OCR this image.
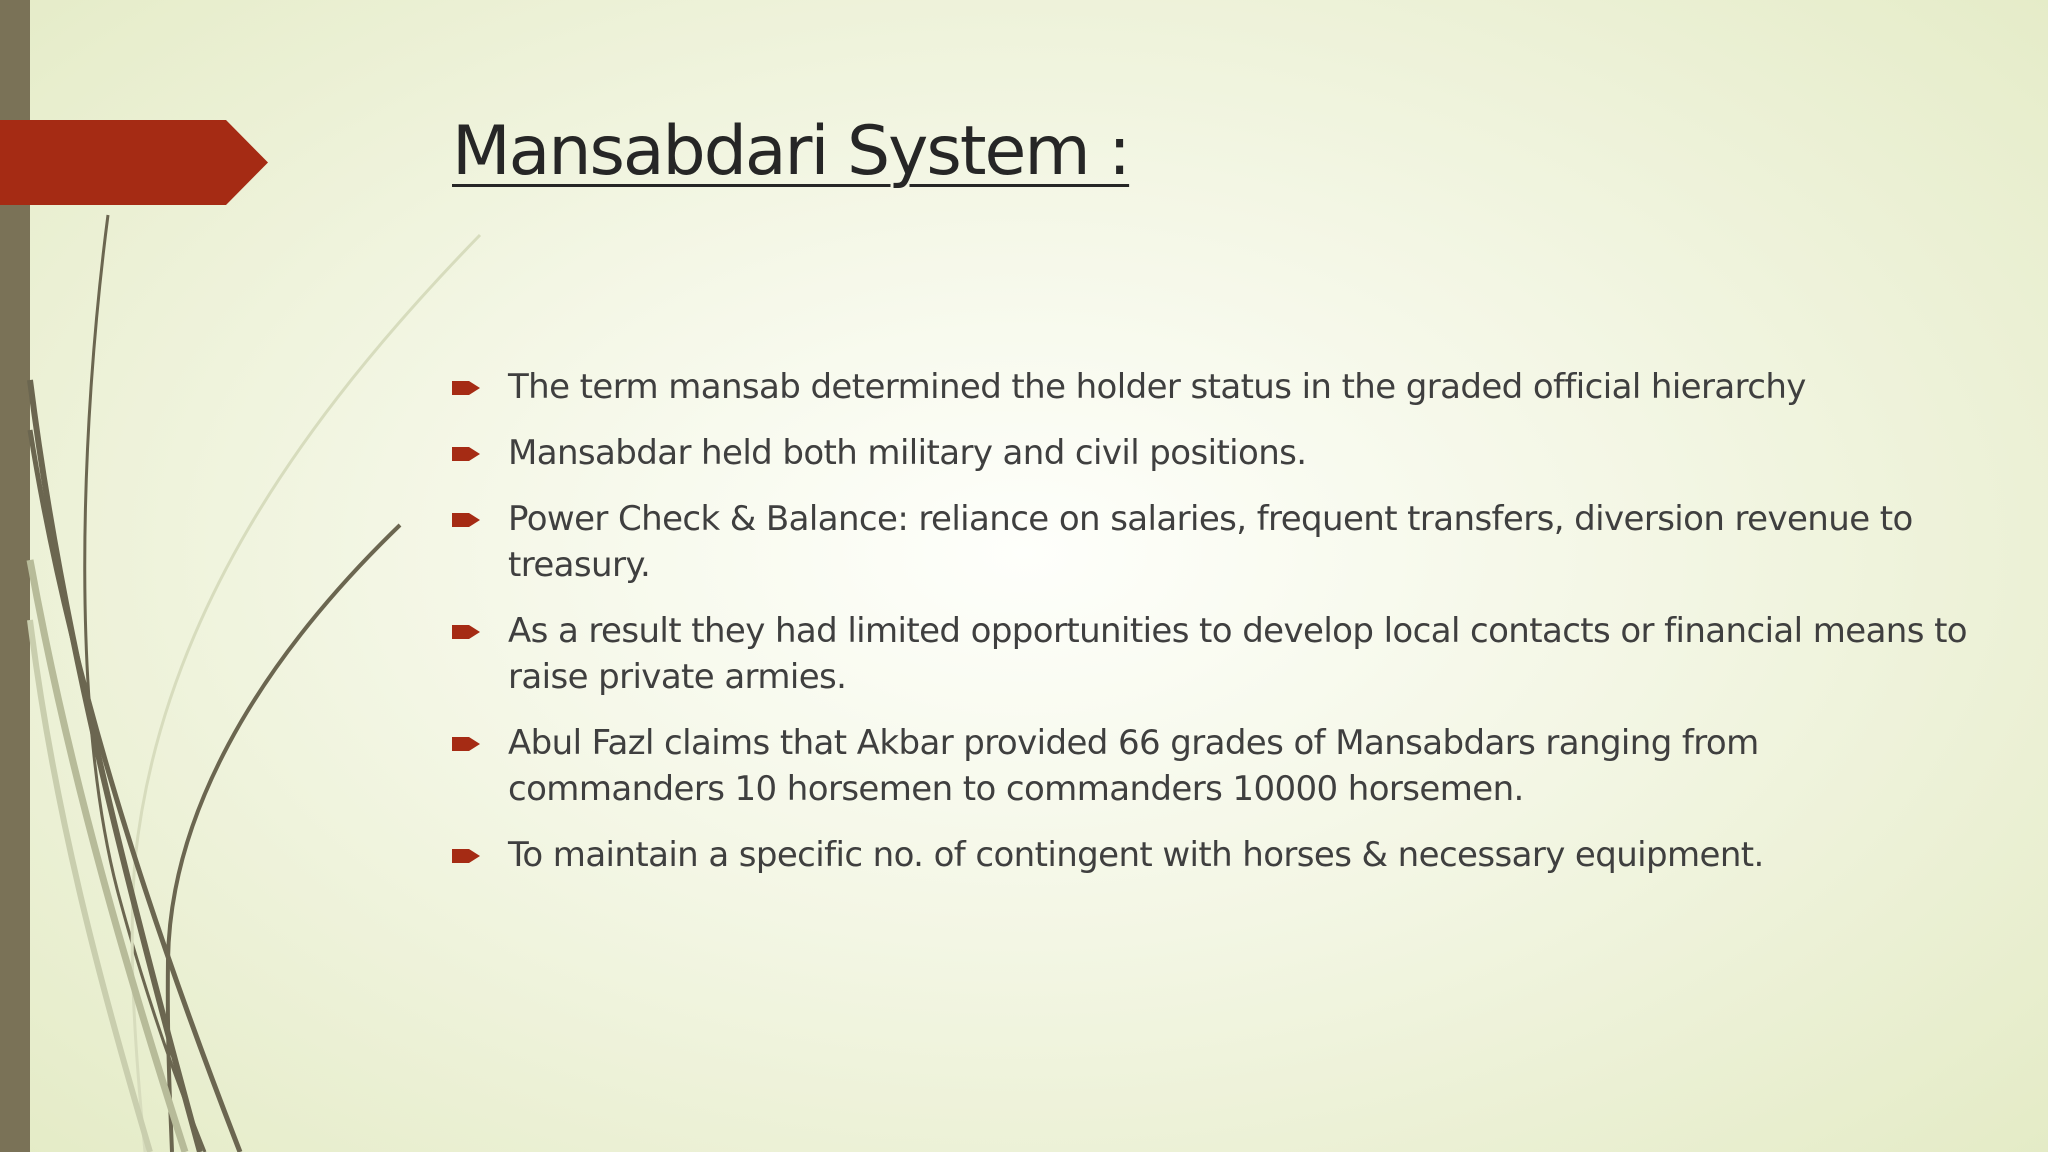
Mansabdari System :
The term mansab determined the holder status in the graded official hierarchy
Mansabdar held both military and civil positions.
Power Check & Balance: reliance on salaries, frequent transfers, diversion revenue to treasury.
As a result they had limited opportunities to develop local contacts or financial means to raise private armies.
Abul Fazl claims that Akbar provided 66 grades of Mansabdars ranging from commanders 10 horsemen to commanders 10000 horsemen.
To maintain a specific no. of contingent with horses & necessary equipment.
